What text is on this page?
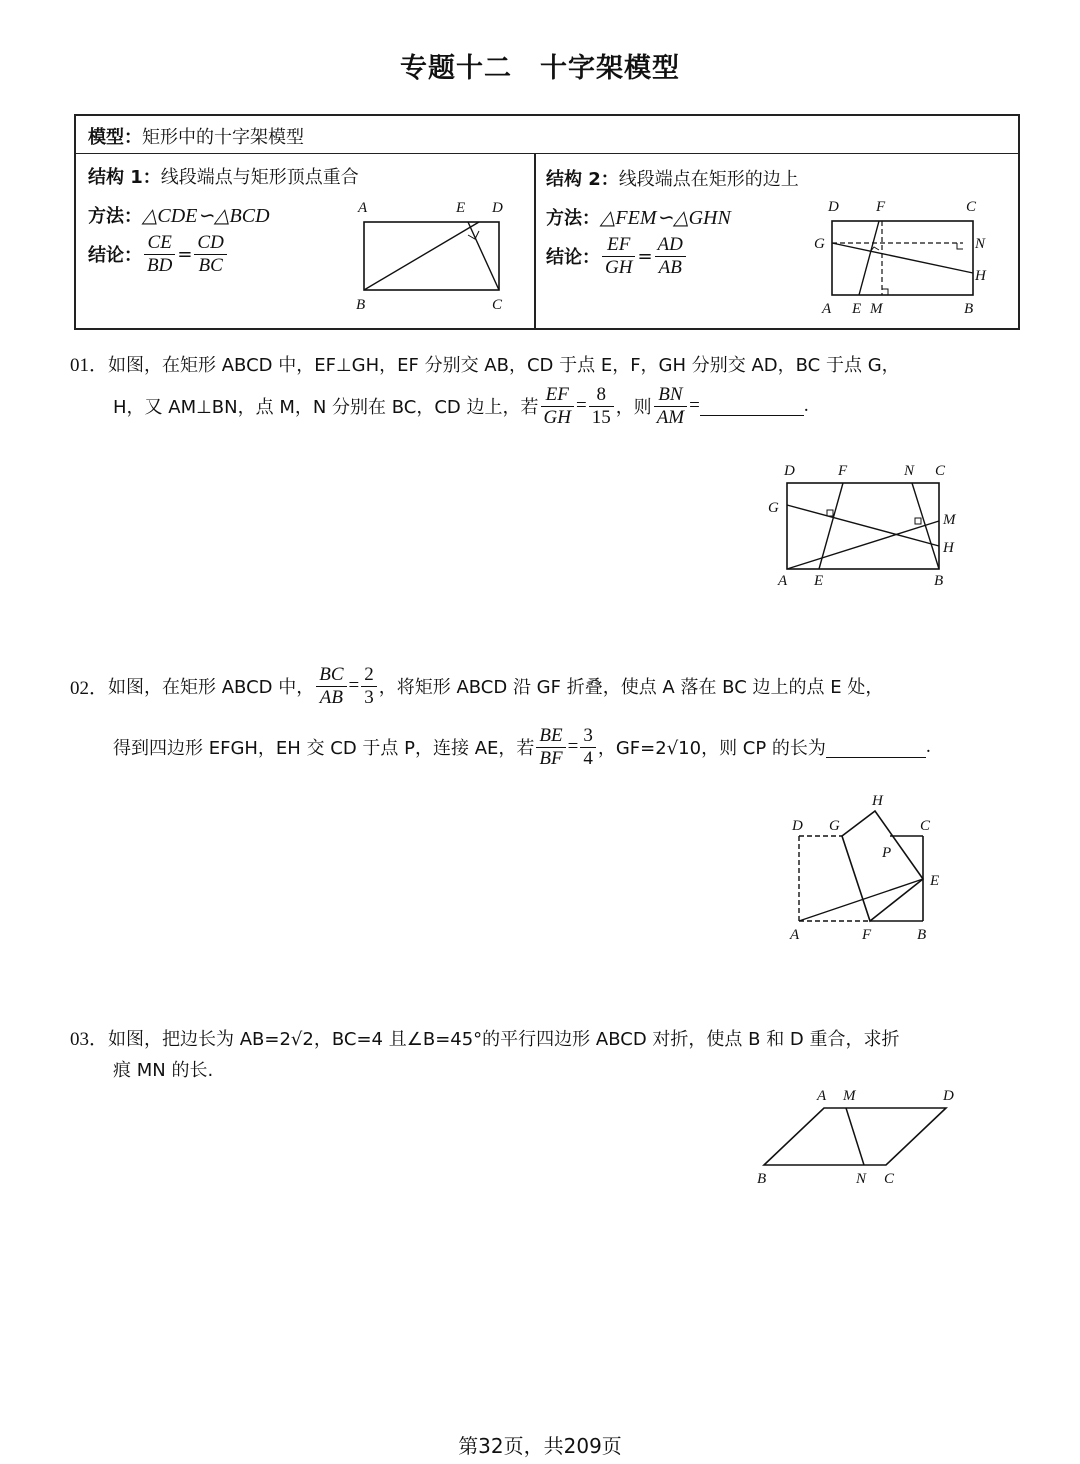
专题十二 十字架模型
模型：矩形中的十字架模型
结构 1：线段端点与矩形顶点重合
方法：△CDE∽△BCD
结论： $\frac{CE}{BD} = \frac{CD}{BC}$
A	E D
B	C
结构 2：线段端点在矩形的边上
方法：△FEM∽△GHN
结论： $\frac{EF}{GH} = \frac{AD}{AB}$
D F	C
G	N
H
A E M	B
01．如图，在矩形 ABCD 中，EF⊥GH，EF 分别交 AB，CD 于点 E，F，GH 分别交 AD，BC 于点 G，
H，又 AM⊥BN，点 M，N 分别在 BC，CD 边上，若 $\frac{EF}{GH} = \frac{8}{15}$ ，则 $\frac{BN}{AM}$ =	.
D	F	N C
G
M
H
A E	B
02． 如图，在矩形 ABCD 中， $\frac{BC}{AB} = \frac{2}{3}$ ，将矩形 ABCD 沿 GF 折叠，使点 A 落在 BC 边上的点 E 处，
得到四边形 EFGH，EH 交 CD 于点 P，连接 AE，若 $\frac{BE}{BF} = \frac{3}{4}$ ，GF=2√10，则 CP 的长为	.
H
D G	C
P
E
A	F	B
03．如图，把边长为 AB=2√2，BC=4 且∠B=45°的平行四边形 ABCD 对折，使点 B 和 D 重合，求折
痕 MN 的长.
A M	D
B	N C
第32页，共209页
